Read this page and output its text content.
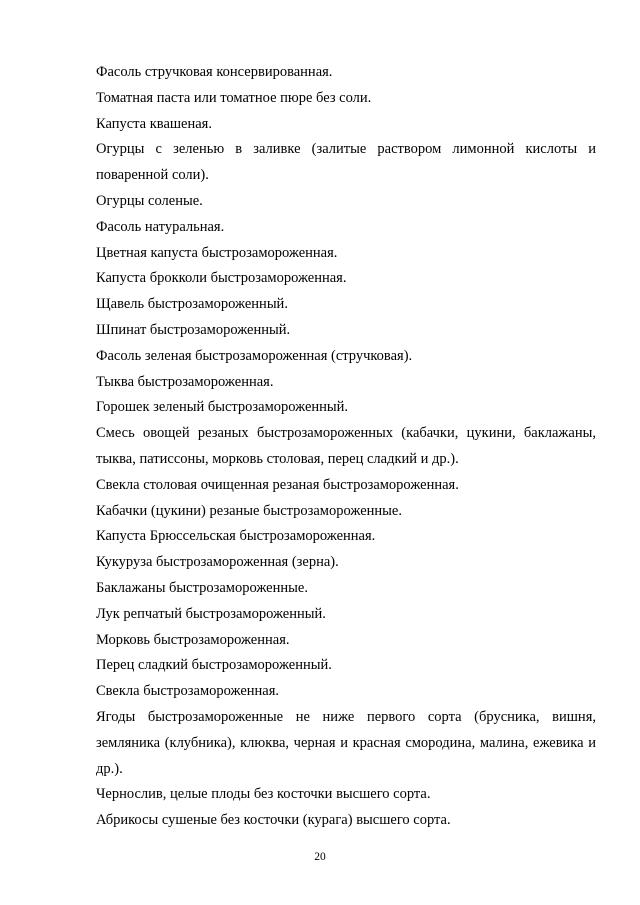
Фасоль стручковая консервированная.

Томатная паста или томатное пюре без соли.

Капуста квашеная.

Огурцы с зеленью в заливке (залитые раствором лимонной кислоты и поваренной соли).

Огурцы соленые.

Фасоль натуральная.

Цветная капуста быстрозамороженная.

Капуста брокколи быстрозамороженная.

Щавель быстрозамороженный.

Шпинат быстрозамороженный.

Фасоль зеленая быстрозамороженная (стручковая).

Тыква быстрозамороженная.

Горошек зеленый быстрозамороженный.

Смесь овощей резаных быстрозамороженных (кабачки, цукини, баклажаны, тыква, патиссоны, морковь столовая, перец сладкий и др.).

Свекла столовая очищенная резаная быстрозамороженная.

Кабачки (цукини) резаные быстрозамороженные.

Капуста Брюссельская быстрозамороженная.

Кукуруза быстрозамороженная (зерна).

Баклажаны быстрозамороженные.

Лук репчатый быстрозамороженный.

Морковь быстрозамороженная.

Перец сладкий быстрозамороженный.

Свекла быстрозамороженная.

Ягоды быстрозамороженные не ниже первого сорта (брусника, вишня, земляника (клубника), клюква, черная и красная смородина, малина, ежевика и др.).

Чернослив, целые плоды без косточки высшего сорта.

Абрикосы сушеные без косточки (курага) высшего сорта.

20
